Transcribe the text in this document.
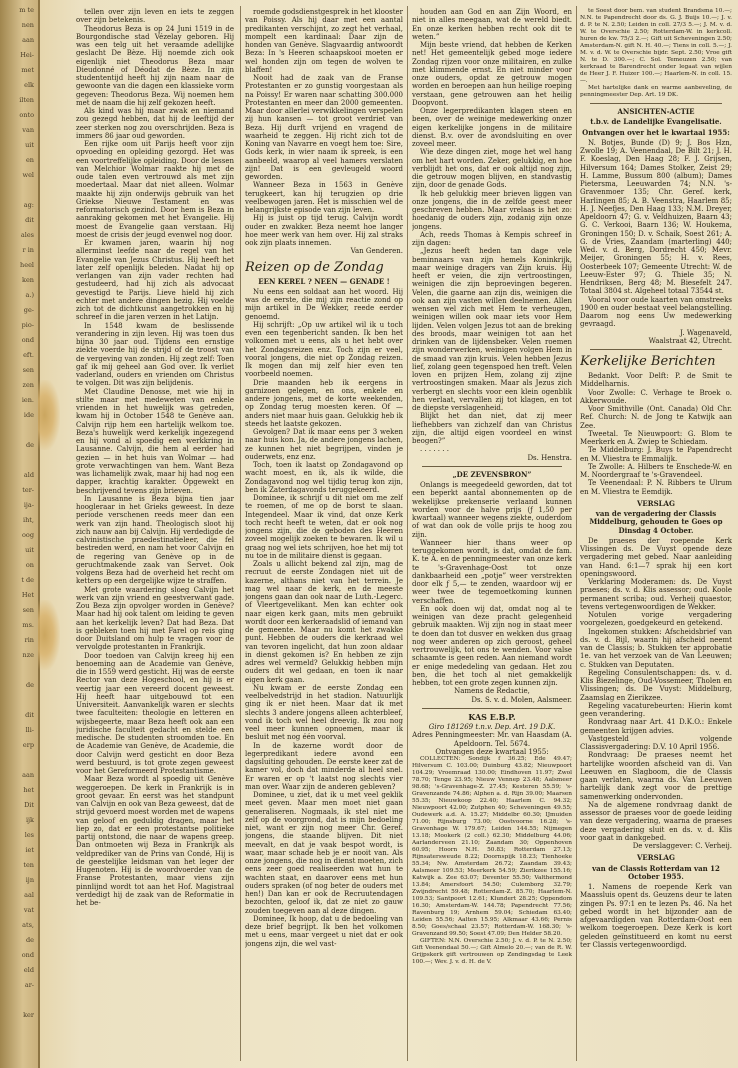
m te
nen
aan
Hei-
met
elk
ilten
onto
van
uit
en
wel
ag:
dit
ales
r in
heel
ken
a.)
ge-
pio-
ond
eft.
sen
zen
ien.
ide
de
ald
ter-
ija-
iht,
oog
uit
on
t de
Het
sen
ms.
rin
nze
de
dit
lli-
erp
aan
het
Dit
ijk
les
iet
ten
ijn
aal
vat
ats,
de
ond
eld
ar-
ker

tellen over zijn leven en iets te zeggen over zijn betekenis.

Theodorus Beza is op 24 Juni 1519 in de Bourgondische stad Vézelay geboren. Hij was een telg uit het veraamde adellijke geslacht De Bèze. Hij noemde zich ook eigenlijk niet Theodorus Beza maar Dieudonné of Déodat de Bèze. In zijn studententijd heeft hij zijn naam naar de gewoonte van die dagen een klassieke vorm gegeven: Theodorus Beza. Wij noemen hem met de naam die hij zelf gekozen heeft.

Als kind was hij maar zwak en niemand zou gezegd hebben, dat hij de leeftijd der zeer sterken nog zou overschrijden. Beza is immers 86 jaar oud geworden.

Een rijke oom uit Parijs heeft voor zijn opvoeding en opleiding gezorgd. Het was een voortreffelijke opleiding. Door de lessen van Melchior Wolmar raakte hij met de oude talen even vertrouwd als met zijn moedertaal. Maar dat niet alleen. Wolmar maakte hij zijn onderwijs gebruik van het Griekse Nieuwe Testament en was reformatorisch gezind. Door hem is Beza in aanraking gekomen met het Evangelie. Hij moest de Evangelie gaan verstaan. Hij moest de crisis der jeugd evenwel nog door.

Er kwamen jaren, waarin hij nog allerminst leefde naar de regel van het Evangelie van Jezus Christus. Hij heeft het later zelf openlijk beleden. Nadat hij op verlangen van zijn vader rechten had gestudeerd, had hij zich als advocaat gevestigd te Parijs. Lieve hield hij zich echter met andere dingen bezig. Hij voelde zich tot de dichtkunst aangetrokken en hij schreef in die jaren verzen in het Latijn.

In 1548 kwam de beslissende verandering in zijn leven. Hij was toen dus bijna 30 jaar oud. Tijdens een ernstige ziekte voerde hij de strijd of de troost van de vergeving van zonden. Hij zegt zelf: Toen gaf ik mij geheel aan God over. Ik verliet vaderland, ouders en vrienden om Christus te volgen. Dit was zijn belijdenis.

Met Claudine Denosse, met wie hij in stilte maar met medeweten van enkele vrienden in het huwelijk was getreden, kwam hij in October 1548 te Genève aan. Calvijn rijp hem een hartelijk welkom toe. Beza's huwelijk werd kerkelijk ingezegend en hij vond al spoedig een werkkring in Lausanne. Calvijn, die hem al eerder had gezien — in het huis van Wolmar — had grote verwachtingen van hem. Want Beza was lichamelijk zwak, maar hij had nog een dapper, krachtig karakter. Opgewekt en beschrijvend tevens zijn brieven.

In Lausanne is Beza bijna tien jaar hoogleraar in het Grieks geweest. In deze periode verschenen reeds meer dan een werk van zijn hand. Theologisch sloot hij zich nauw aan bij Calvijn. Hij verdedigde de calvinistische praedestinatieleer, die fel bestreden werd, en nam het voor Calvijn en de regering van Genève op in de geruchtmakende zaak van Servet. Ook volgens Beza had de overheid het recht om ketters op een dergelijke wijze te straffen.

Met grote waardering sloeg Calvijn het werk van zijn vriend en geestverwant gade. Zou Beza zijn opvolger worden in Genève? Maar had hij ook talent om leiding te geven aan het kerkelijk leven? Dat had Beza. Dat is gebleken toen hij met Farel op reis ging door Duitsland om hulp te vragen voor de vervolgde protestanten in Frankrijk.

Door toedoen van Calvijn kreeg hij een benoeming aan de Academie van Genève, die in 1559 werd gesticht. Hij was de eerste Rector van deze Hogeschool, en hij is er veertig jaar een vereerd docent geweest. Hij heeft haar uitgebouwd tot een Universiteit. Aanvankelijk waren er slechts twee faculteiten: theologie en letteren en wijsbegeerte, maar Beza heeft ook aan een juridische faculteit gedacht en stelde een medische. De studenten stroomden toe. En de Academie van Genève, de Academie, die door Calvijn werd gesticht en door Beza werd bestuurd, is tot grote zegen geweest voor het Gereformeerd Protestantisme.

Maar Beza wordt al spoedig uit Genève weggeroepen. De kerk in Frankrijk is in groot gevaar. En eerst was het standpunt van Calvijn en ook van Beza geweest, dat de strijd gevoerd moest worden met de wapens van geloof en geduldig dragen, maar het liep zo, dat er een protestantse politieke partij ontstond, die naar de wapens greep. Dan ontmoeten wij Beza in Frankrijk als veldprediker van de Prins van Condé, Hij is de geestelijke leidsman van het leger der Hugenoten. Hij is de woordvoerder van de Franse Protestanten, maar viens zijn pinnlijnd wordt tot aan het Hof. Magistraal verdedigt hij de zaak van de Reformatie in het be-

roemde godsdienstgesprek in het klooster van Poissy. Als hij daar met een aantal predikanten verschijnt, zo zegt het verhaal, mompelt een kardinaal: Daar zijn de honden van Genève. Slagvaardig antwoordt Beza: In 's Heeren schaapskooi moeten er wel honden zijn om tegen de wolven te blaffen!

Nooit had de zaak van de Franse Protestanten er zo gunstig voorgestaan als na Poissy! Er waren naar schatting 300.000 Protestanten en meer dan 2000 gemeenten. Maar door allerlei verwikkelingen verspelen zij hun kansen — tot groot verdriet van Beza. Hij durft vrijend en vragend de waarheid te zeggen. Hij richt zich tot de Koning van Navarre en voegt hem toe: Sire, Gods kerk, in wier naam ik spreek, is een aanbeeld, waarop al veel hamers verslaten zijn! Dat is een gevleugeld woord geworden.

Wanneer Beza in 1563 in Genève terugkeert, kan hij terugzien op drie veelbewogen jaren. Het is misschien wel de belangrijkste episode van zijn leven.

Hij is juist op tijd terug. Calvijn wordt ouder en zwakker. Beza neemt hoe langer hoe meer werk van hem over. Hij zal straks ook zijn plaats innemen.

Van Genderen.

Reizen op de Zondag
EEN KEREL ? NEEN — GENADE !

Nu eens een soldaat aan het woord. Hij was de eerste, die mij zijn reactie zond op mijn artikel in De Wekker, reede eerder genoemd.

Hij schrijft: „Op uw artikel wil ik u toch even een tegenbericht sanden. Ik ben het volkomen met u eens, als u het hebt over het Zondagsreizen enz. Toch zijn er veel, vooral jongens, die niet op Zondag reizen. Ik mogen dan mij zelf hier even ten voorbeeld noemen.

Drie maanden heb ik eergens in garnizoen gelegen, en ons, enkele en andere jongens, met de korte weekenden, op Zondag terug moesten keren. Of — anders niet maar huis gaan. Gelukkig heb ik steeds het laatste gekozen.

Gevolgen? Dat ik maar eens per 3 weken naar huis kon. Ja, de andere jongens lachen, ze kunnen het niet begrijpen, vinden je ouderwets, enz enz.

Toch, toen ik laatst op Zondagavond op wacht moest, en ik, als ik wilde, die Zondagavond nog wel tijdig terug kon zijn, ben ik Zaterdagavonds teruggekeerd.

Dominee, ik schrijf u dit niet om me zelf te roemen, of me op de borst te slaan. Integendeel. Maar ik vind, dat onze Kerk toch recht heeft te weten, dat er ook nog jongens zijn, die de geboden des Heeren zoveel mogelijk zoeken te bewaren. Ik wil u graag nog wel iets schrijven, hoe het mij tot nu toe in de militaire dienst is gegaan.

Zoals u allicht bekend zal zijn, mag de recruut de eerste Zondagen niet uit de kazerne, althans niet van het terrein. Je mag wel naar de kerk, en de meeste jongens gaan dan ook naar de Luth.-Legerc. of Vleertgevelikant. Men kan echter ook naar eigen kerk gaan, mits men gebruikt wordt door een kerkeraadslid of iemand van de gemeente. Maar nu komt het zwakke punt. Hebben de ouders die kerkraad wel van tevoren ingelicht, dat hun zoon aldaar in dienst gekomen is? En hebben ze zijn adres wel vermeld? Gelukkig hebben mijn ouders dit wel gedaan, en toen ik naar eigen kerk gaan.

Nu kwam er de eerste Zondag een veelbelvedstrijd in het stadion. Natuurlijk ging ik er niet heen. Maar dat ik met slechts 3 andere jongens alleen achterbleef, vond ik toch wel heel dreevig. Ik zou nog veel meer kunnen opnoemen, maar ik besluit met nog één voorval.

In de kazerne wordt door de legerpredikant iedere avond een dagsluiting gehouden. De eerste keer zat de kamer vol, doch dat minderde al heel snel. Er waren er op 't laatst nog slechts vier man over. Waar zijn de anderen gebleven?

Dominee, u ziet, dat ik u met veel geklik meet geven. Maar men moet niet gaan generaliseren. Nogmaals, ik stel niet me zelf op de voorgrond, dat is mijn bedoeling niet, want er zijn nog meer Chr. Geref. jongens, die staande blijven. Dit niet meevalt, en dat je vaak bespot wordt, is waar, maar schade heb je er nooit van. Als onze jongens, die nog in dienst moeten, zich eens zeer goed realiseerden wat hun te wachten staat, en daarover eens met hun ouders spraken (of nog beter de ouders met hen!) Dan kan er ook de Recruutendagen bezochten, geloof ik, dat ze niet zo gauw zouden toegeven aan al deze dingen.

Dominee, Ik hoop, dat u de bedoeling van deze brief begrijpt. Ik ben het volkomen met u eens, maar vergeet u niet dat er ook jongens zijn, die wel vast-

houden aan God en aan Zijn Woord, en niet in alles meegaan, wat de wereld biedt. En onze kerken hebben recht ook dit te weten.”

Mijn beste vriend, dat hebben de Kerken net! Het gemeentelijk gebed moge iedere Zondag rijzen voor onze militairen, en zulke met klimmende ernst. En niet minder voor onze ouders, opdat ze getrouw mogen worden en beroepen aan hun heilige roeping verstaan, gene getrouwen aan het heilig Doopvont.

Onze legerpredikanten klagen steen en been, over de weinige medewerking onzer eigen kerkelijke jongens in de militaire dienst. B.v. over de avondsluiting en over zoveel meer.

Wie deze dingen ziet, moge het wel hang om het hart worden. Zeker, gelukkig, en hoe verblijdt het ons, dat er ook altijd nog zijn, die getrouw mogen blijven, en standvastig zijn, door de genade Gods.

Ik heb gelukkig meer brieven liggen van onze jongens, die in de zelfde geest meer geschreven hebben. Maar vrelaas is het zo: hoedanig de ouders zijn, zodanig zijn onze jongens.

Ach, reeds Thomas à Kempis schreef in zijn dagen:

„Jezus heeft heden tan dage vele beminnaars van zijn hemels Koninkrijk, maar weinige dragers van Zijn kruis. Hij heeft er veien, die zijn vertroostingen, weinigen die zijn beproevingen begeren. Velen, die gaarne aan zijn dis, weinigen die ook aan zijn vasten willen deelnemen. Allen wensen wel zich met Hem te verheugen, weinigen willen ook maar iets voor Hem lijden. Velen volgen Jezus tot aan de breking des broods, maar weinigen tot aan het drinken van de lijdensbeker. Velen roemen zijn wonderwerken, weinigen volgen Hem in de smaad van zijn kruis. Velen hebben Jezus lief, zolang geen tegenspoed hen treft. Velen loven en prijzen Hem, zolang zij zijne vertroostingen smaken. Maar als Jezus zich verbergt en slechts voor een klein ogenblik hen verlaat, vervallen zij tot klagen, en tot de diepste verslagenheid.

Blijkt het dan niet, dat zij meer liefhebbers van zichzelf dan van Christus zijn, die altijd eigen voordeel en winst beogen?”

. . . . . . .

Ds. Henstra.

„DE ZEVENSBRON”

Onlangs is meegedeeld geworden, dat tot een beperkt aantal abonnementen op de wekelijkse prekenserie verlaand kunnen worden voor de halve prijs (ƒ 1,50 per kwartaal) wanneer wegens ziekte, ouderdom of wat dan ook de volle prijs te hoog zou zijn.

Wanneer hier thans weer op teruggekomen wordt, is dat, omdat de fam. K. te A. en de penningmeester van onze kerk te 's-Gravenhage-Oost tot onze dankbaarheid een „potje” weer verstrekten door elk ƒ 5,— te zenden, waardoor wij er weer twee de tegemoetkoming kunnen verschaffen.

En ook doen wij dat, omdat nog al te weinigen van deze pracht gelegenheid gebruik maakten. Wij zijn nog in staat meer te doen dan tot dusver en wekken dus graag nog weer anderen op zich geroost, geheel vertrouwelijk, tot ons te wenden. Voor valse schaamte is geen reden. Aan niemand wordt er enige mededeling van gedaan. Het zou ben, die het toch al niet gemakkelijk hebben, tot een grote zegen kunnen zijn.

Namens de Redactie,

Ds. S. v. d. Molen, Aalsmeer.

KAS E.B.P.

Giro 181269 t.n.v. Dep. Art. 19 D.K.

Adres Penningmeester: Mr. van Haasdam (A. Apeldoorn. Tel. 5674.

Ontvangen deze kwartaal 1955:

COLLECTEN: Sondijk f 36.25; Ede 49.47; Hilversum C. 103.00; Duinburg 43.82; Nieuwpoort 104.29; Vroemraad 130.00; Eindhoven 11.97; Zwol 78.70; Tenge 23.95; Nieuw Vennep 23.48; Aalsmeer 98.68; 's-Gravenhage-Z. 27.45; Kesteren 55.59; 's-Gravenzande 74.86; Alphen a. d. Rijn 39.00; Maarsen 55.35; Nieuwkoop 22.40; Haarlem C. 94.32; Nieuwpoort 42.00; Zutphen 40; Scheveningen 49.55; Oudewerk a.d. A. 15.27; Middelbr 60.30; IJmuiden 71.00; Rijnsburg 73.00; Oostvoorne 16.28; 's-Gravenhage W. 179.67; Leiden 144.55; Nijmegen 13.18; Mookerk (2 coll.) 62.30; Middelburg 44.06; Aarlanderveen 21.10; Zaandam 30; Oppenhoven 60.95; Hoorn N.H. 50.83; Rotterdam 27.13; Rijnsatersweude 8.22; Doornspijk 18.23; Tienhoeke 55.34; Nw. Amsterdam 26.72; Zaandam 39.43; Aalsmeer 109.53; Meerkerk 54.59; Zierikzee 155.16; Katwijk a. Zee 63.07; Deventer 55.50; Valthermond 13.84; Amersfoort 54.50; Culemborg 32.79; Zwijndrecht 59.48; Rotterdam-Z. 85.70; Haarlem-N. 109.53; Santpoort 12.61; Klundert 28.25; Oppendom 16.30; Amsterdam-W. 144.78; Papendrecht 77.56; Ravenburg 19; Arnhem 59.04; Schiedam 63.40; Leiden 55.56; Aalten 15.95; Alkmaar 43.66; Pernis 8.50; Goes/schaal 23.57; Rotterdam-W. 168.30; 's-Gravenzand 99.50; Soest 47.09; Den Helder 58.20.

GIFTEN: N.N. Overschie 2.50; J. v. d. P. te N. 2.50; Gift Veenendaal 50.—; Gift Almelo 20.—; van de R. W. Grijpskerk gift vertrouwen op Zendingsdag te Leek 100.—; Wev. J. v. d. H. de V.

te Soest door bem. van student Brandsma 10.—; N.N. te Papendrecht door ds. G. J. Buijs 10.—; J. v. d. P. te N. 2.50; Leiden in coll. 27/3 5.—; J. M. v. d. W. te Overschie 2.50; Rotterdam-W. in kerkcoll. huren de kw. 75/3 2.—; Gift uit Scheveningen 2.50; Amsterdam-N. gift N. H. 40.—; Tiens in coll. 5.—; J. M. v. d. W. te Overschie bijdr. Sept. 2.50; Vroe gift N. te D. 300.—; C. Sol. Temeuzen 2.50; van kerkraad te Barendrecht onder legaat van wijlen de Heer J. F. Huizer 100.—; Haarlem-N. in coll. 15.—.

Met hartelijke dank en warme aanbeveling, de penningmeester Dep. Art. 19 DK.

ANSICHTEN-ACTIE
t.b.v. de Landelijke Evangelisatie.
Ontvangen over het le kwartaal 1955:

N. Botjes, Bunde (D) 9; J. Bos Hzn, Zwolle 19; A. Veenendaal, De Bilt 21; J. H. F. Koeslag, Den Haag 28; F. J. Grijsen, Hilversum 164; Dames Stolker, Zeist 29; H. Lamme, Bussum 800 (album); Dames Pietersma, Leeuwarden 74; N.N. 's-Gravenmoer 135; Chr. Geref. kerk, Harlingen 85; A. B. Veenstra, Haarlem 85; H. J. Neefjes, Den Haag 133; N.M. Dreyer, Apeldoorn 47; G. v. Veldhuizen, Baarn 43; G. C. Verkooi, Baarn 136; W. Houkema, Groningen 150; D. v. Schaik, Soest 261; A. G. de Vries, Zaandam (marterling) 440; Wed. v. d. Berg, Dordrecht 450; Mevr. Meijer, Groningen 55; H. v. Rees, Oosterbeek 107; Gemeente Utrecht: W. de Leeuw-Ester 97; G. Thiele 35; N. Hendriksen, Berg 48; M. Biesefelt 247. Totaal 3804 st. Algeheel totaal 73544 st.

Vooral voor oude kaarten van omstreeks 1900 en ouder bestaat veel belangstelling. Daarom nog eens Uw medewerking gevraagd.

J. Wagenaveld,

Waalstraat 42, Utrecht.

Kerkelijke Berichten

Bedankt. Voor Delft: P. de Smit te Middelharnis.

Voor Zwolle: C. Verhage te Broek o. Akkerwoude.

Voor Smithville (Ont. Canada) Old Chr. Ref. Church: N. de Jong te Katwijk aan Zee.

Tweetal. Te Nieuwpoort: G. Blom te Meerkerk en A. Zwiep te Schiedam.

Te Middelburg: J. Buys te Papendrecht en M. Vliestra te Emmalijk.

Te Zwolle: A. Hilbers te Enschede-W. en M. Noordergraaf te 's-Gravendeel.

Te Veenendaal: P. N. Ribbers te Ulrum en M. Vliestra te Eemdijk.

VERSLAG
van de vergadering der Classis Middelburg, gehouden te Goes op Dinsdag 4 October.

De praeses der roepende Kerk Vlissingen ds. De Vuyst opende deze vergadering met gebed. Naar aanleiding van Hand. 6:1—7 sprak hij een kort openingswoord.

Verklaring Moderamen: ds. De Vuyst praeses; ds. v. d. Klis assessor; oud. Koole permanent scriba; oud. Verheij quaestor, tevens vertegenwoordigen de Wekker.

Notulen vorige vergadering voorgelezen, goedgekeurd en getekend.

Ingekomen stukken: Afscheidsbrief van ds. v. d. Bijl, waarin hij afscheid neemt van de Classis; b. Stukken ter approbatie 1e. van het verzoek van de Van Leeuwen; c. Stukken van Deputaten.

Regeling Consulentschappen: ds. v. d. Klis Biezelinge, Oud-Vossemeer, Tholen en Vlissingen; ds. De Vuyst: Middelburg, Zaamslag en Zierikzee.

Regeling vacaturebeurten: Hierin komt geen verandering.

Rondvraag naar Art. 41 D.K.O.: Enkele gemeenten krijgen advies.

Vastgesteld volgende Classisvergadering: D.V. 10 April 1956.

Rondvraag: De praeses neemt het hartelijke woorden afscheid van di. Van Leeuwen en Slagboom, die de Classis gaan verlaten, waarna ds. Van Leeuwen hartelijk dank zegt voor de prettige samenwerking ondervonden.

Na de algemene rondvraag dankt de assessor de praeses voor de goede leiding van deze vergadering, waarna de praeses deze vergadering sluit en ds. v. d. Klis voor gaat in dankgebed.

De verslaggever: C. Verheij.

VERSLAG
van de Classis Rotterdam van 12 October 1955.

1. Namens de roepende Kerk van Maassluis opent ds. Geuzens deur te laten zingen Ps. 97:1 en te lezen Ps. 46. Na het gebed wordt in het bijzonder aan de afgevaardigden van Rotterdam-Oost een welkom toegeroepen. Deze Kerk is kort geleden geïnstitueerd en komt nu eerst ter Classis vertegenwoordigd.
